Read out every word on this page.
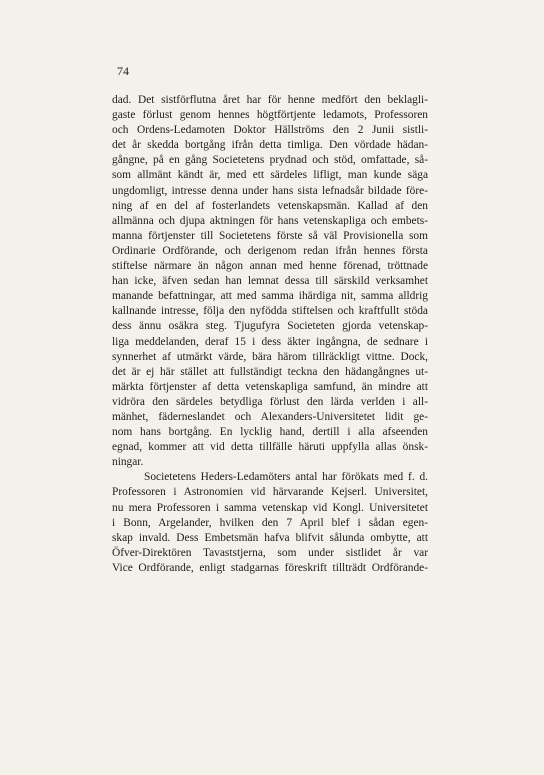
74
dad. Det sistförflutna året har för henne medfört den beklagli-
gaste förlust genom hennes högtförtjente ledamots, Professoren
och Ordens-Ledamoten Doktor Hällströms den 2 Junii sistli-
det år skedda bortgång ifrån detta timliga. Den vördade hädan-
gångne, på en gång Societetens prydnad och stöd, omfattade, så-
som allmänt kändt är, med ett särdeles lifligt, man kunde säga
ungdomligt, intresse denna under hans sista lefnadsår bildade före-
ning af en del af fosterlandets vetenskapsmän. Kallad af den
allmänna och djupa aktningen för hans vetenskapliga och embets-
manna förtjenster till Societetens förste så väl Provisionella som
Ordinarie Ordförande, och derigenom redan ifrån hennes första
stiftelse närmare än någon annan med henne förenad, tröttnade
han icke, äfven sedan han lemnat dessa till särskild verksamhet
manande befattningar, att med samma ihärdiga nit, samma alldrig
kallnande intresse, följa den nyfödda stiftelsen och kraftfullt stöda
dess ännu osäkra steg. Tjugufyra Societeten gjorda vetenskap-
liga meddelanden, deraf 15 i dess äkter ingångna, de sednare i
synnerhet af utmärkt värde, bära härom tillräckligt vittne. Dock,
det är ej här stället att fullständigt teckna den hädangångnes ut-
märkta förtjenster af detta vetenskapliga samfund, än mindre att
vidröra den särdeles betydliga förlust den lärda verlden i all-
mänhet, fäderneslandet och Alexanders-Universitetet lidit ge-
nom hans bortgång. En lycklig hand, dertill i alla afseenden
egnad, kommer att vid detta tillfälle häruti uppfylla allas önsk-
ningar.
Societetens Heders-Ledamöters antal har förökats med f. d.
Professoren i Astronomien vid härvarande Kejserl. Universitet,
nu mera Professoren i samma vetenskap vid Kongl. Universitetet
i Bonn, Argelander, hvilken den 7 April blef i sådan egen-
skap invald. Dess Embetsmän hafva blifvit sålunda ombytte, att
Öfver-Direktören Tavaststjerna, som under sistlidet år var
Vice Ordförande, enligt stadgarnas föreskrift tillträdt Ordförande-
